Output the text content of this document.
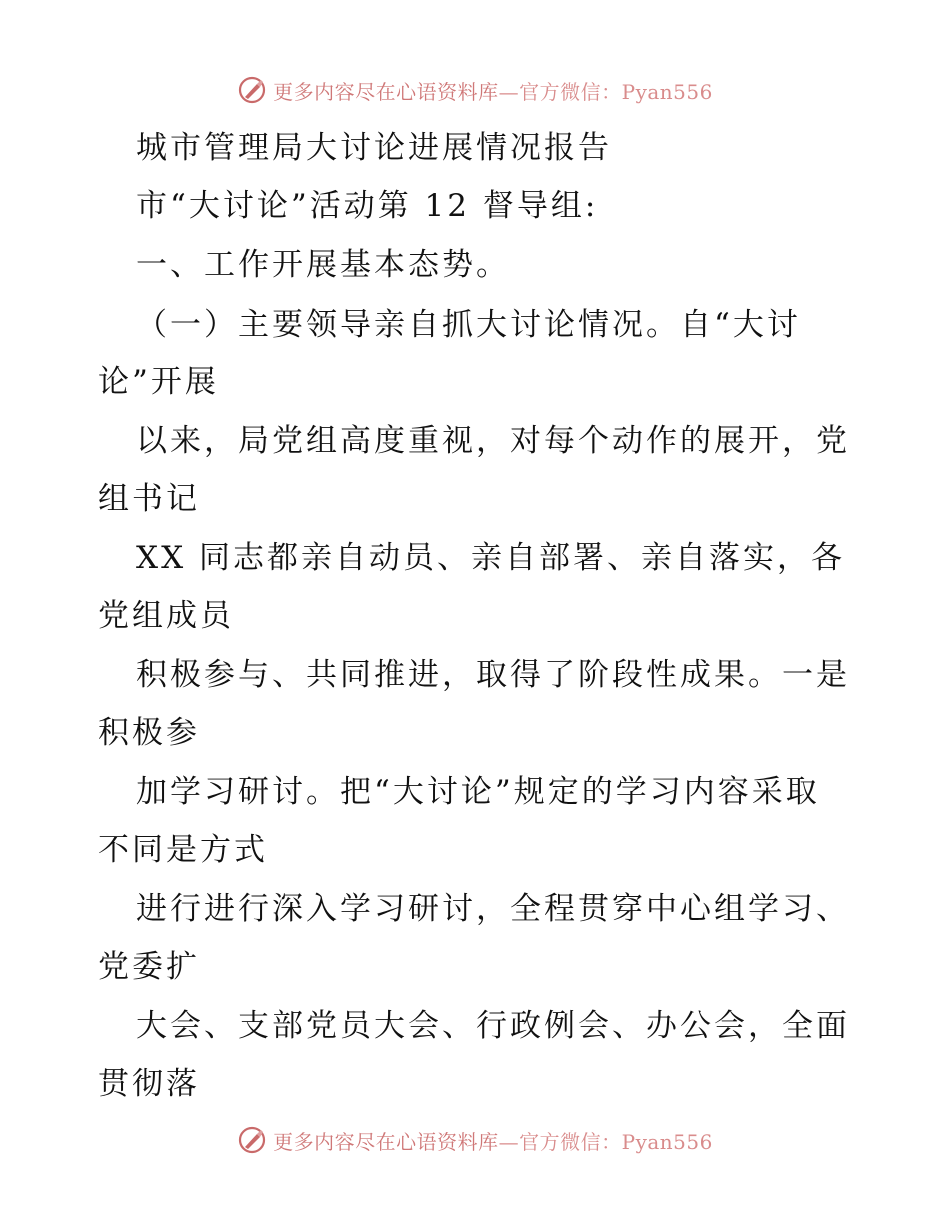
更多内容尽在心语资料库—官方微信：Pyan556
城市管理局大讨论进展情况报告
市“大讨论”活动第 12 督导组:
一、工作开展基本态势。
（一）主要领导亲自抓大讨论情况。自“大讨
论”开展
以来，局党组高度重视，对每个动作的展开，党
组书记
XX 同志都亲自动员、亲自部署、亲自落实，各
党组成员
积极参与、共同推进，取得了阶段性成果。一是
积极参
加学习研讨。把“大讨论”规定的学习内容采取
不同是方式
进行进行深入学习研讨，全程贯穿中心组学习、
党委扩
大会、支部党员大会、行政例会、办公会，全面
贯彻落
更多内容尽在心语资料库—官方微信：Pyan556
